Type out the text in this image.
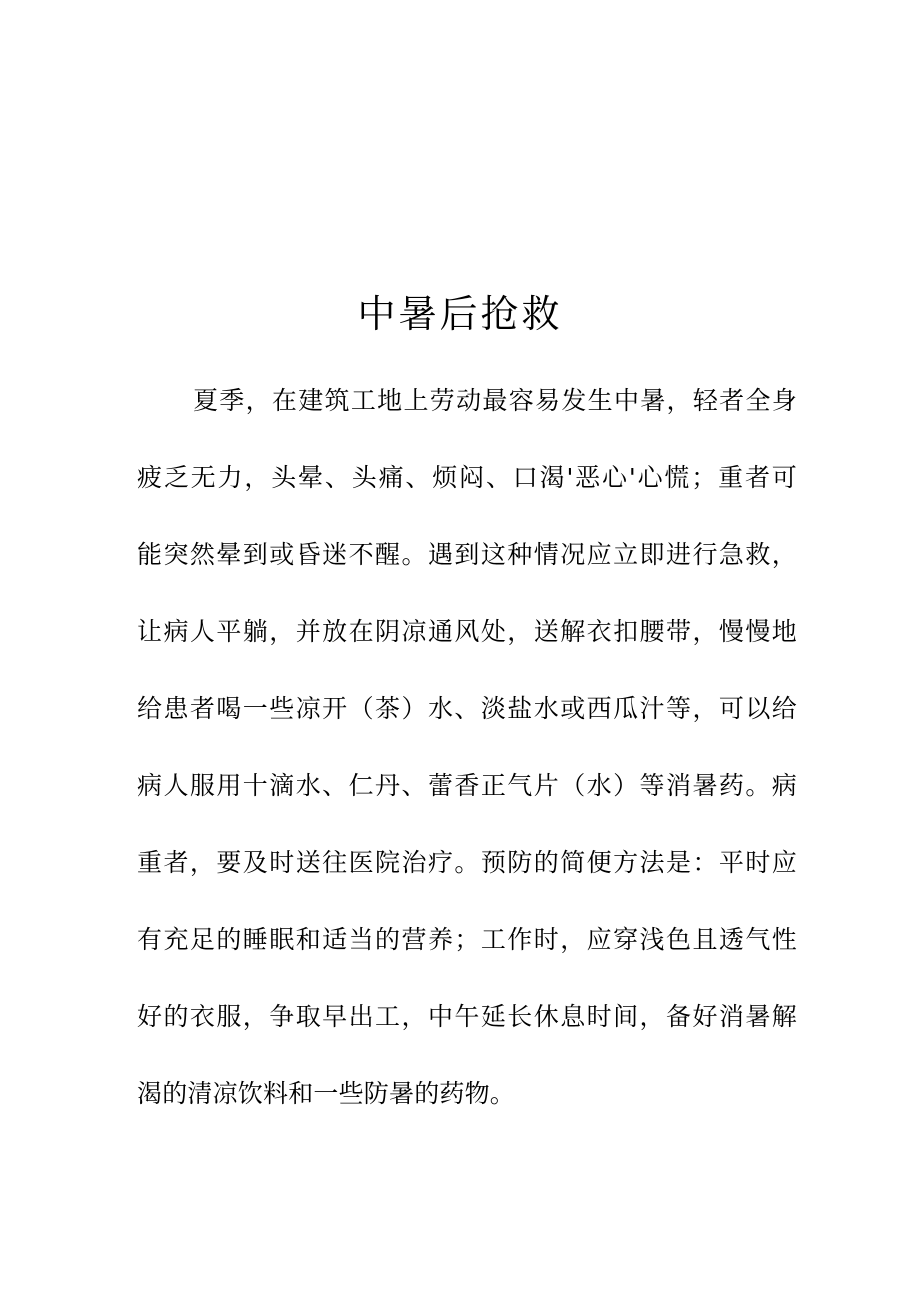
中暑后抢救
夏季，在建筑工地上劳动最容易发生中暑，轻者全身
疲乏无力，头晕、头痛、烦闷、口渴'恶心'心慌；重者可
能突然晕到或昏迷不醒。遇到这种情况应立即进行急救，
让病人平躺，并放在阴凉通风处，送解衣扣腰带，慢慢地
给患者喝一些凉开（茶）水、淡盐水或西瓜汁等，可以给
病人服用十滴水、仁丹、蕾香正气片（水）等消暑药。病
重者，要及时送往医院治疗。预防的简便方法是：平时应
有充足的睡眠和适当的营养；工作时，应穿浅色且透气性
好的衣服，争取早出工，中午延长休息时间，备好消暑解
渴的清凉饮料和一些防暑的药物。
